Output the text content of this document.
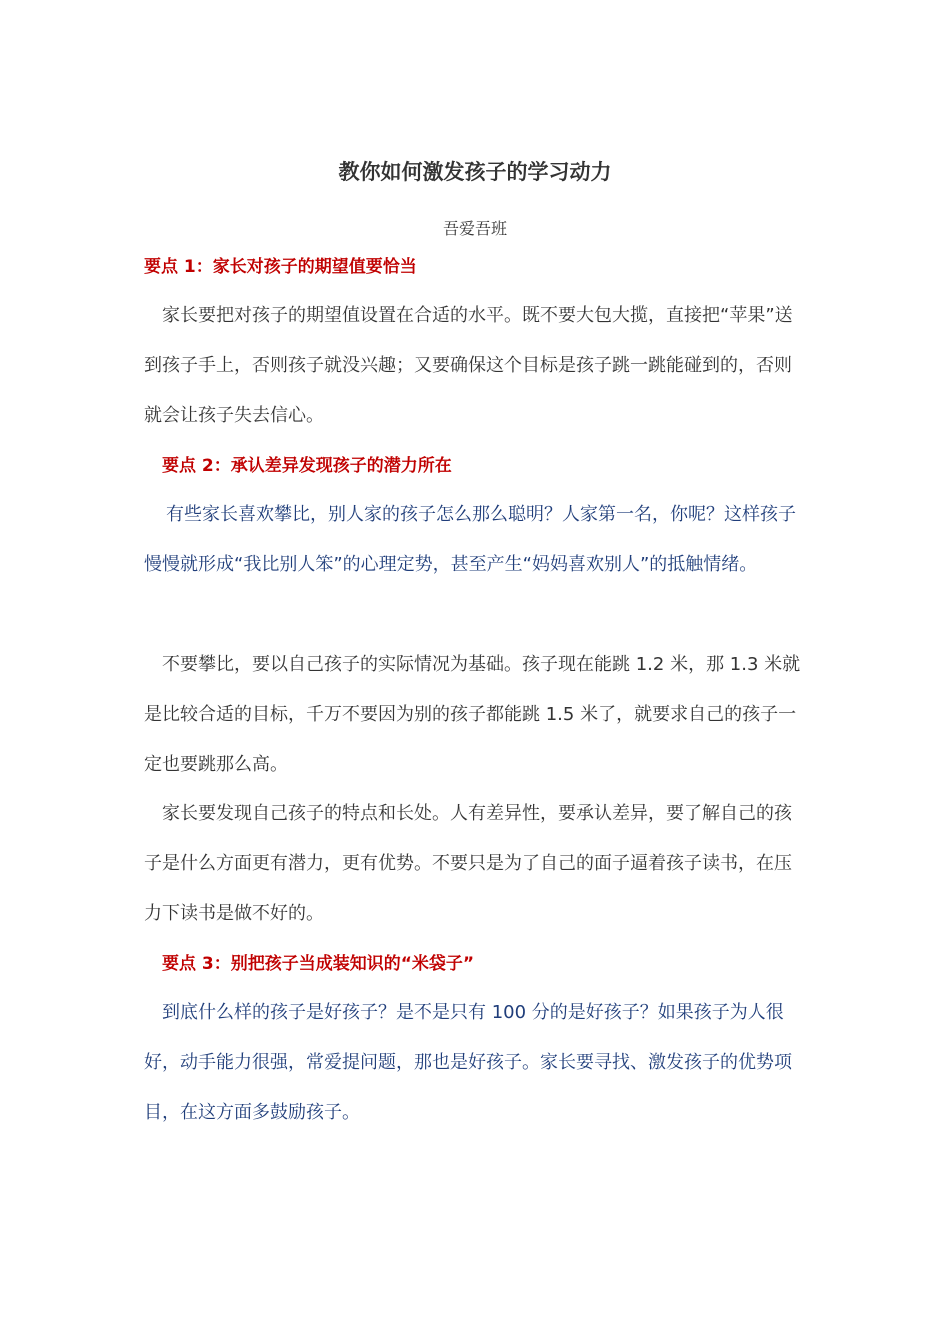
教你如何激发孩子的学习动力
吾爱吾班
要点 1：家长对孩子的期望值要恰当
家长要把对孩子的期望值设置在合适的水平。既不要大包大揽，直接把“苹果”送到孩子手上，否则孩子就没兴趣；又要确保这个目标是孩子跳一跳能碰到的，否则就会让孩子失去信心。
要点 2：承认差异发现孩子的潜力所在
有些家长喜欢攀比，别人家的孩子怎么那么聪明？人家第一名，你呢？这样孩子慢慢就形成“我比别人笨”的心理定势，甚至产生“妈妈喜欢别人”的抵触情绪。
不要攀比，要以自己孩子的实际情况为基础。孩子现在能跳 1.2 米，那 1.3 米就是比较合适的目标，千万不要因为别的孩子都能跳 1.5 米了，就要求自己的孩子一定也要跳那么高。
家长要发现自己孩子的特点和长处。人有差异性，要承认差异，要了解自己的孩子是什么方面更有潜力，更有优势。不要只是为了自己的面子逼着孩子读书，在压力下读书是做不好的。
要点 3：别把孩子当成装知识的“米袋子”
到底什么样的孩子是好孩子？是不是只有 100 分的是好孩子？如果孩子为人很好，动手能力很强，常爱提问题，那也是好孩子。家长要寻找、激发孩子的优势项目，在这方面多鼓励孩子。
